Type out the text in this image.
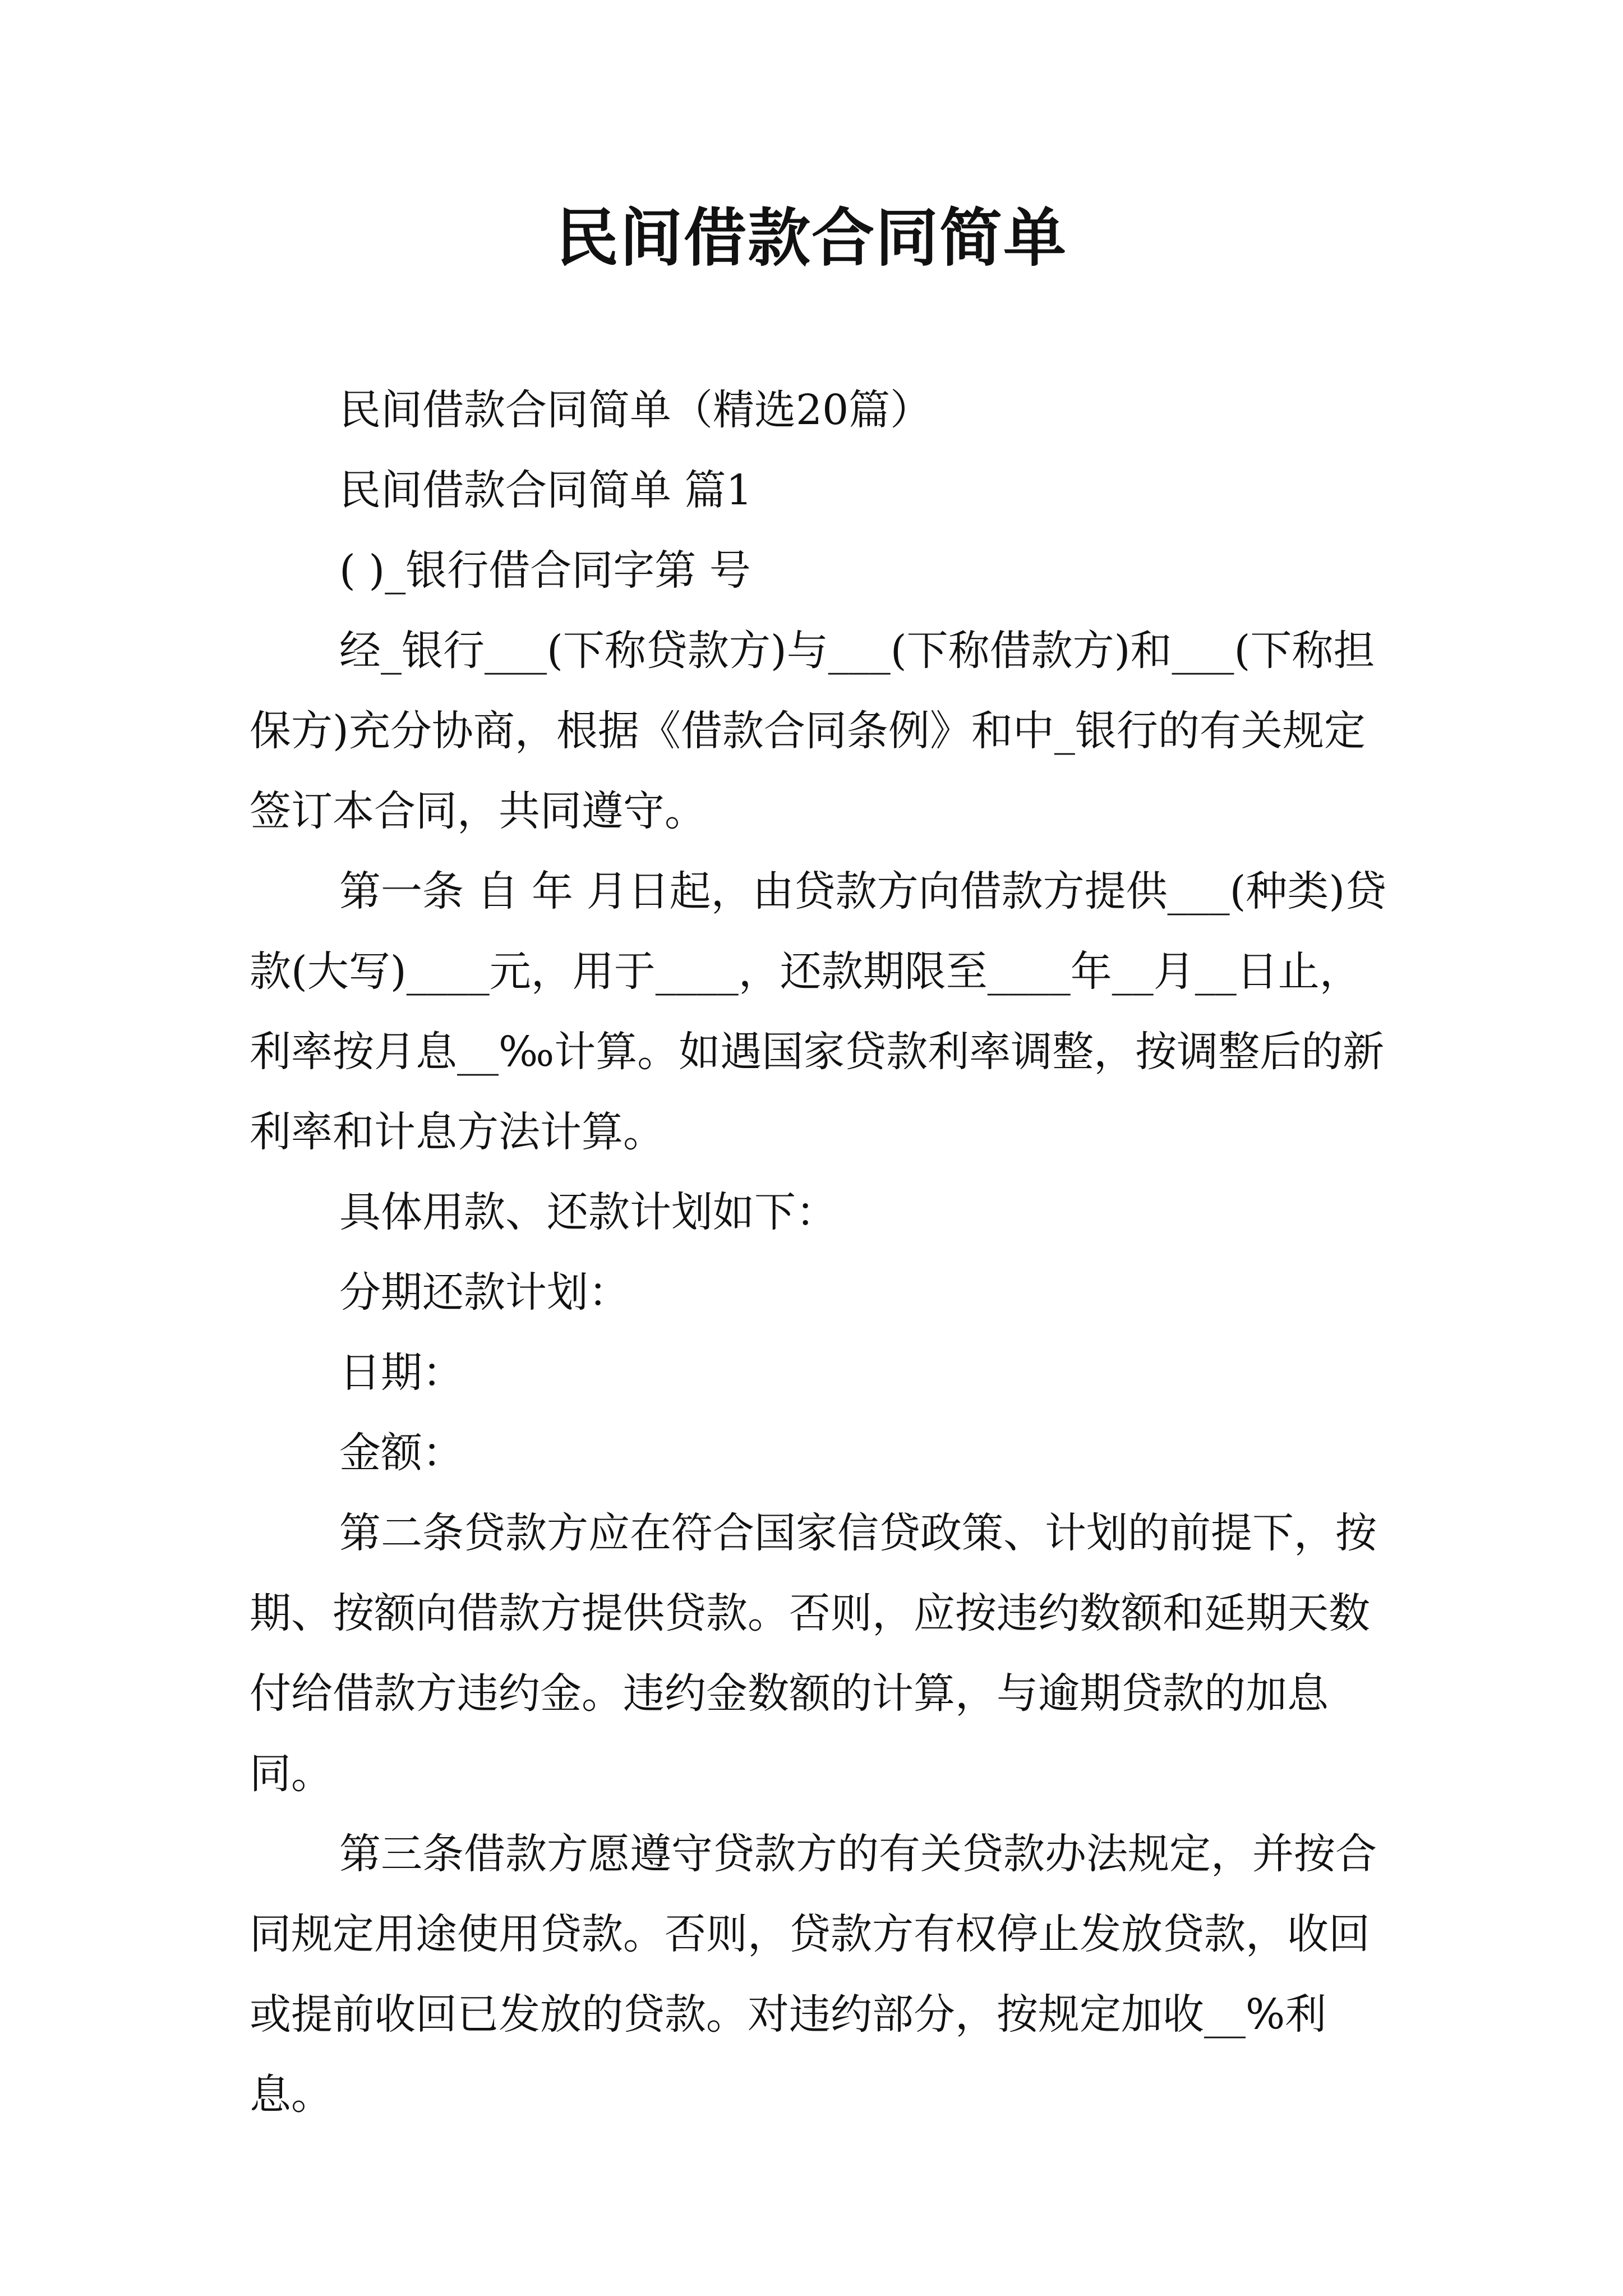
民间借款合同简单

民间借款合同简单（精选20篇）

民间借款合同简单 篇1

( )_银行借合同字第 号

经_银行___(下称贷款方)与___(下称借款方)和___(下称担保方)充分协商，根据《借款合同条例》和中_银行的有关规定签订本合同，共同遵守。

第一条 自 年 月日起，由贷款方向借款方提供___(种类)贷款(大写)____元，用于____，还款期限至____年__月__日止，利率按月息__‰计算。如遇国家贷款利率调整，按调整后的新利率和计息方法计算。

具体用款、还款计划如下：

分期还款计划：

日期：

金额：

第二条贷款方应在符合国家信贷政策、计划的前提下，按期、按额向借款方提供贷款。否则，应按违约数额和延期天数付给借款方违约金。违约金数额的计算，与逾期贷款的加息同。

第三条借款方愿遵守贷款方的有关贷款办法规定，并按合同规定用途使用贷款。否则，贷款方有权停止发放贷款，收回或提前收回已发放的贷款。对违约部分，按规定加收__%利息。
